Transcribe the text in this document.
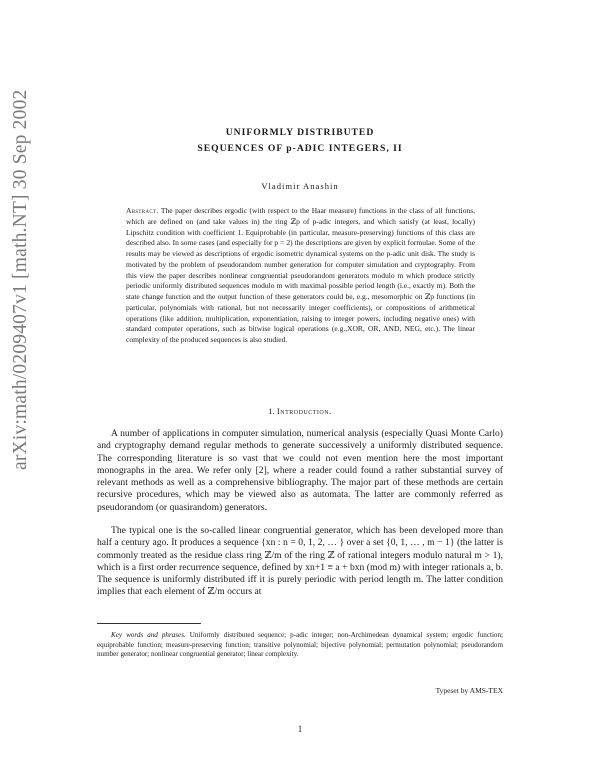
arXiv:math/0209407v1 [math.NT] 30 Sep 2002	UNIFORMLY DISTRIBUTED
SEQUENCES OF p-ADIC INTEGERS, II
Vladimir Anashin
Abstract. The paper describes ergodic (with respect to the Haar measure) functions in the class of all functions, which are defined on (and take values in) the ring ℤp of p-adic integers, and which satisfy (at least, locally) Lipschitz condition with coefficient 1. Equiprobable (in particular, measure-preserving) functions of this class are described also. In some cases (and especially for p = 2) the descriptions are given by explicit formulae. Some of the results may be viewed as descriptions of ergodic isometric dynamical systems on the p-adic unit disk. The study is motivated by the problem of pseudorandom number generation for computer simulation and cryptography. From this view the paper describes nonlinear congruential pseudorandom generators modulo m which produce strictly periodic uniformly distributed sequences modulo m with maximal possible period length (i.e., exactly m). Both the state change function and the output function of these generators could be, e.g., mesomorphic on ℤp functions (in particular, polynomials with rational, but not necessarily integer coefficients), or compositions of arithmetical operations (like addition, multiplication, exponentiation, raising to integer powers, including negative ones) with standard computer operations, such as bitwise logical operations (e.g.,XOR, OR, AND, NEG, etc.). The linear complexity of the produced sequences is also studied.
1. Introduction.
A number of applications in computer simulation, numerical analysis (especially Quasi Monte Carlo) and cryptography demand regular methods to generate successively a uniformly distributed sequence. The corresponding literature is so vast that we could not even mention here the most important monographs in the area. We refer only [2], where a reader could found a rather substantial survey of relevant methods as well as a comprehensive bibliography. The major part of these methods are certain recursive procedures, which may be viewed also as automata. The latter are commonly referred as pseudorandom (or quasirandom) generators.
The typical one is the so-called linear congruential generator, which has been developed more than half a century ago. It produces a sequence {xn : n = 0, 1, 2, … } over a set {0, 1, … , m − 1} (the latter is commonly treated as the residue class ring ℤ/m of the ring ℤ of rational integers modulo natural m > 1), which is a first order recurrence sequence, defined by xn+1 ≡ a + bxn (mod m) with integer rationals a, b. The sequence is uniformly distributed iff it is purely periodic with period length m. The latter condition implies that each element of ℤ/m occurs at
Key words and phrases. Uniformly distributed sequence; p-adic integer; non-Archimedean dynamical system; ergodic function; equiprobable function; measure-preserving function; transitive polynomial; bijective polynomial; permutation polynomial; pseudorandom number generator; nonlinear congruential generator; linear complexity.
Typeset by AMS-TEX
1
